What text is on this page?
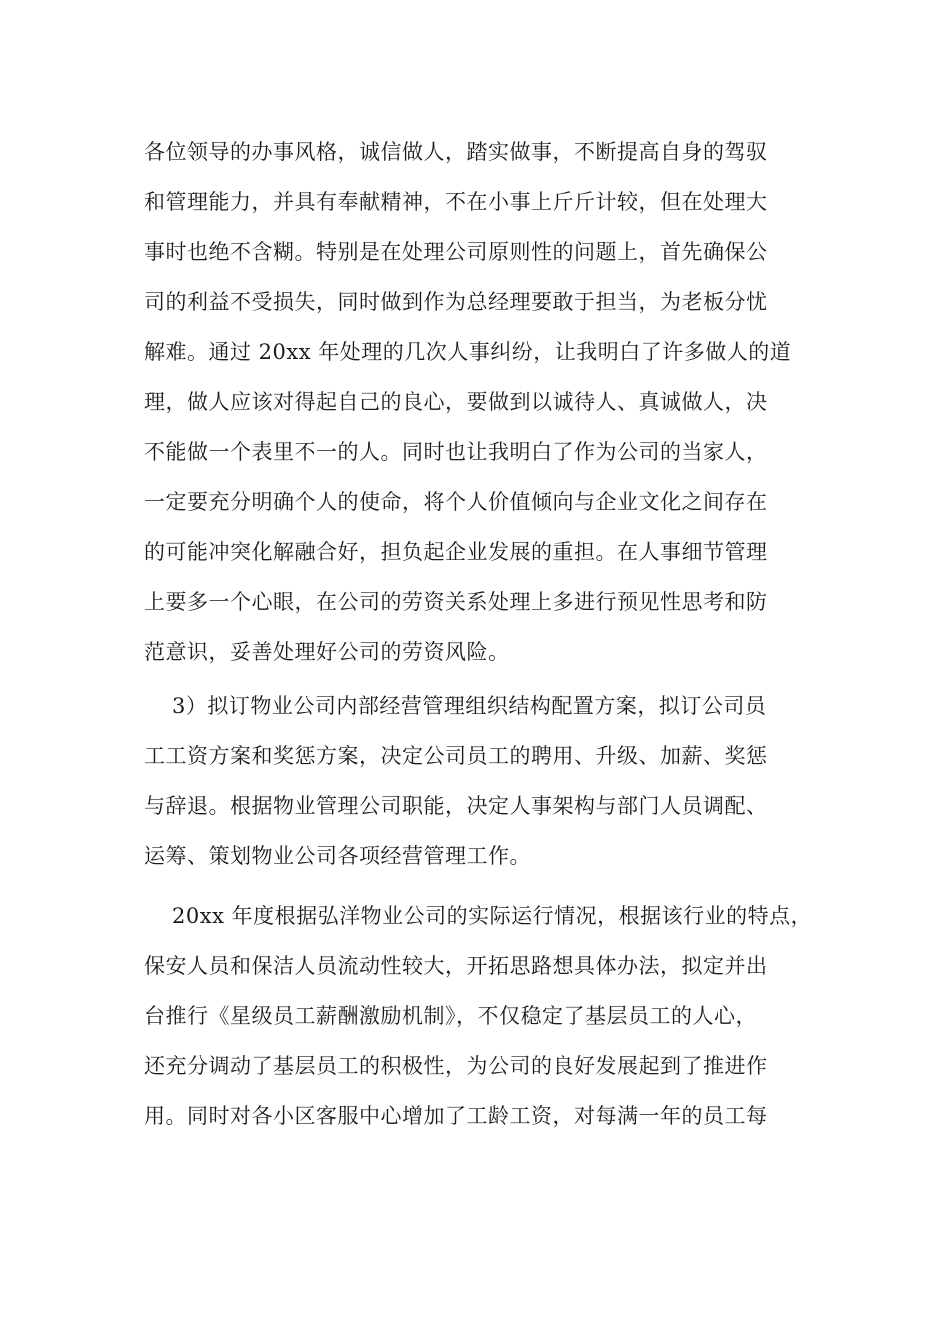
各位领导的办事风格，诚信做人，踏实做事，不断提高自身的驾驭
和管理能力，并具有奉献精神，不在小事上斤斤计较，但在处理大
事时也绝不含糊。特别是在处理公司原则性的问题上，首先确保公
司的利益不受损失，同时做到作为总经理要敢于担当，为老板分忧
解难。通过 20xx 年处理的几次人事纠纷，让我明白了许多做人的道
理，做人应该对得起自己的良心，要做到以诚待人、真诚做人，决
不能做一个表里不一的人。同时也让我明白了作为公司的当家人，
一定要充分明确个人的使命，将个人价值倾向与企业文化之间存在
的可能冲突化解融合好，担负起企业发展的重担。在人事细节管理
上要多一个心眼，在公司的劳资关系处理上多进行预见性思考和防
范意识，妥善处理好公司的劳资风险。
3）拟订物业公司内部经营管理组织结构配置方案，拟订公司员
工工资方案和奖惩方案，决定公司员工的聘用、升级、加薪、奖惩
与辞退。根据物业管理公司职能，决定人事架构与部门人员调配、
运筹、策划物业公司各项经营管理工作。
20xx 年度根据弘洋物业公司的实际运行情况，根据该行业的特点，
保安人员和保洁人员流动性较大，开拓思路想具体办法，拟定并出
台推行《星级员工薪酬激励机制》，不仅稳定了基层员工的人心，
还充分调动了基层员工的积极性，为公司的良好发展起到了推进作
用。同时对各小区客服中心增加了工龄工资，对每满一年的员工每
